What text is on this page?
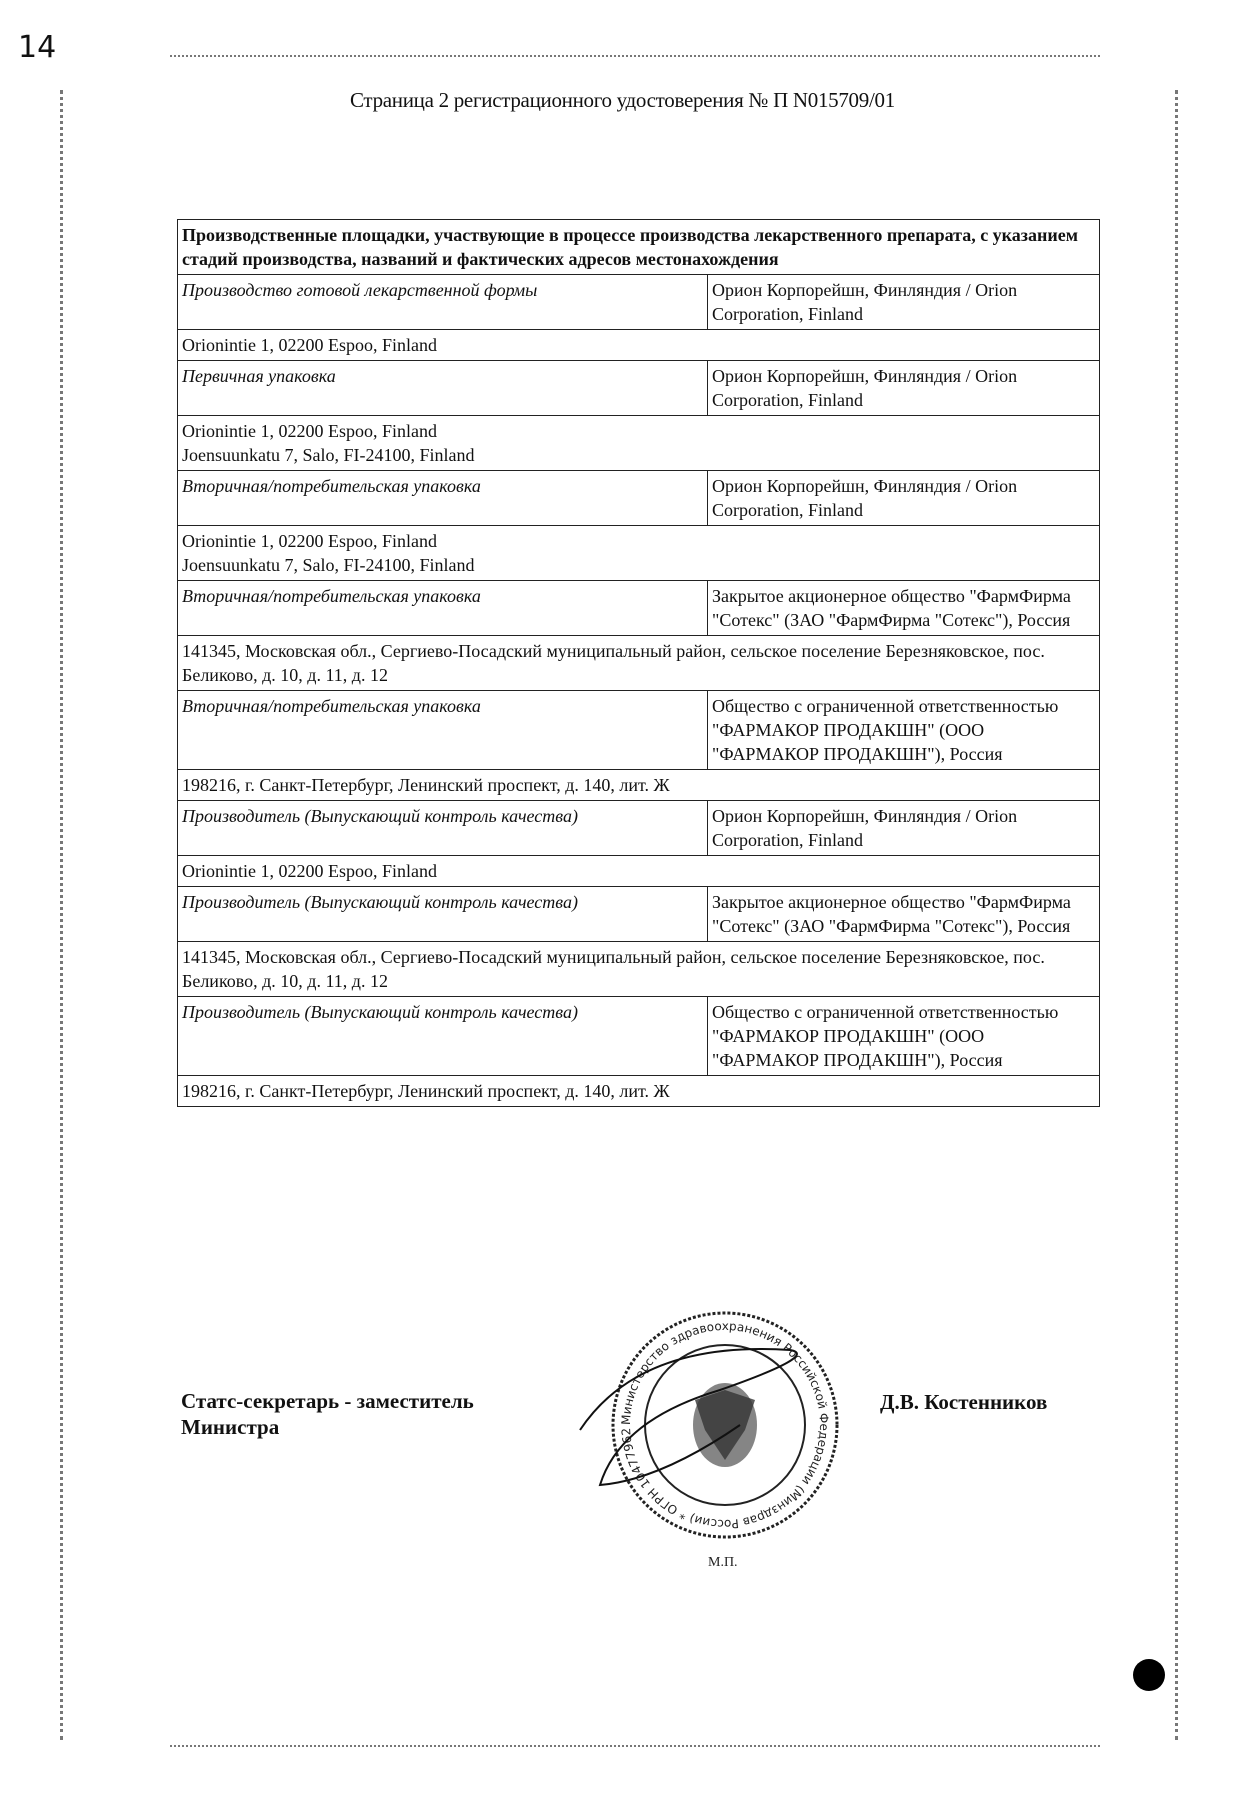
14
Страница 2 регистрационного удостоверения № П N015709/01
Производственные площадки, участвующие в процессе производства лекарственного препарата, с указанием стадий производства, названий и фактических адресов местонахождения	
Производство готовой лекарственной формы	Орион Корпорейшн, Финляндия / Orion Corporation, Finland
Orionintie 1, 02200 Espoo, Finland	
Первичная упаковка	Орион Корпорейшн, Финляндия / Orion Corporation, Finland
Orionintie 1, 02200 Espoo, Finland
Joensuunkatu 7, Salo, FI-24100, Finland	
Вторичная/потребительская упаковка	Орион Корпорейшн, Финляндия / Orion Corporation, Finland
Orionintie 1, 02200 Espoo, Finland
Joensuunkatu 7, Salo, FI-24100, Finland	
Вторичная/потребительская упаковка	Закрытое акционерное общество "ФармФирма "Сотекс" (ЗАО "ФармФирма "Сотекс"), Россия
141345, Московская обл., Сергиево-Посадский муниципальный район, сельское поселение Березняковское, пос. Беликово, д. 10, д. 11, д. 12	
Вторичная/потребительская упаковка	Общество с ограниченной ответственностью "ФАРМАКОР ПРОДАКШН" (ООО "ФАРМАКОР ПРОДАКШН"), Россия
198216, г. Санкт-Петербург, Ленинский проспект, д. 140, лит. Ж	
Производитель (Выпускающий контроль качества)	Орион Корпорейшн, Финляндия / Orion Corporation, Finland
Orionintie 1, 02200 Espoo, Finland	
Производитель (Выпускающий контроль качества)	Закрытое акционерное общество "ФармФирма "Сотекс" (ЗАО "ФармФирма "Сотекс"), Россия
141345, Московская обл., Сергиево-Посадский муниципальный район, сельское поселение Березняковское, пос. Беликово, д. 10, д. 11, д. 12	
Производитель (Выпускающий контроль качества)	Общество с ограниченной ответственностью "ФАРМАКОР ПРОДАКШН" (ООО "ФАРМАКОР ПРОДАКШН"), Россия
198216, г. Санкт-Петербург, Ленинский проспект, д. 140, лит. Ж	
Статс-секретарь - заместитель Министра
Д.В. Костенников
Министерство здравоохранения Российской Федерации (Минздрав России) * ОГРН 1047796287826
М.П.
